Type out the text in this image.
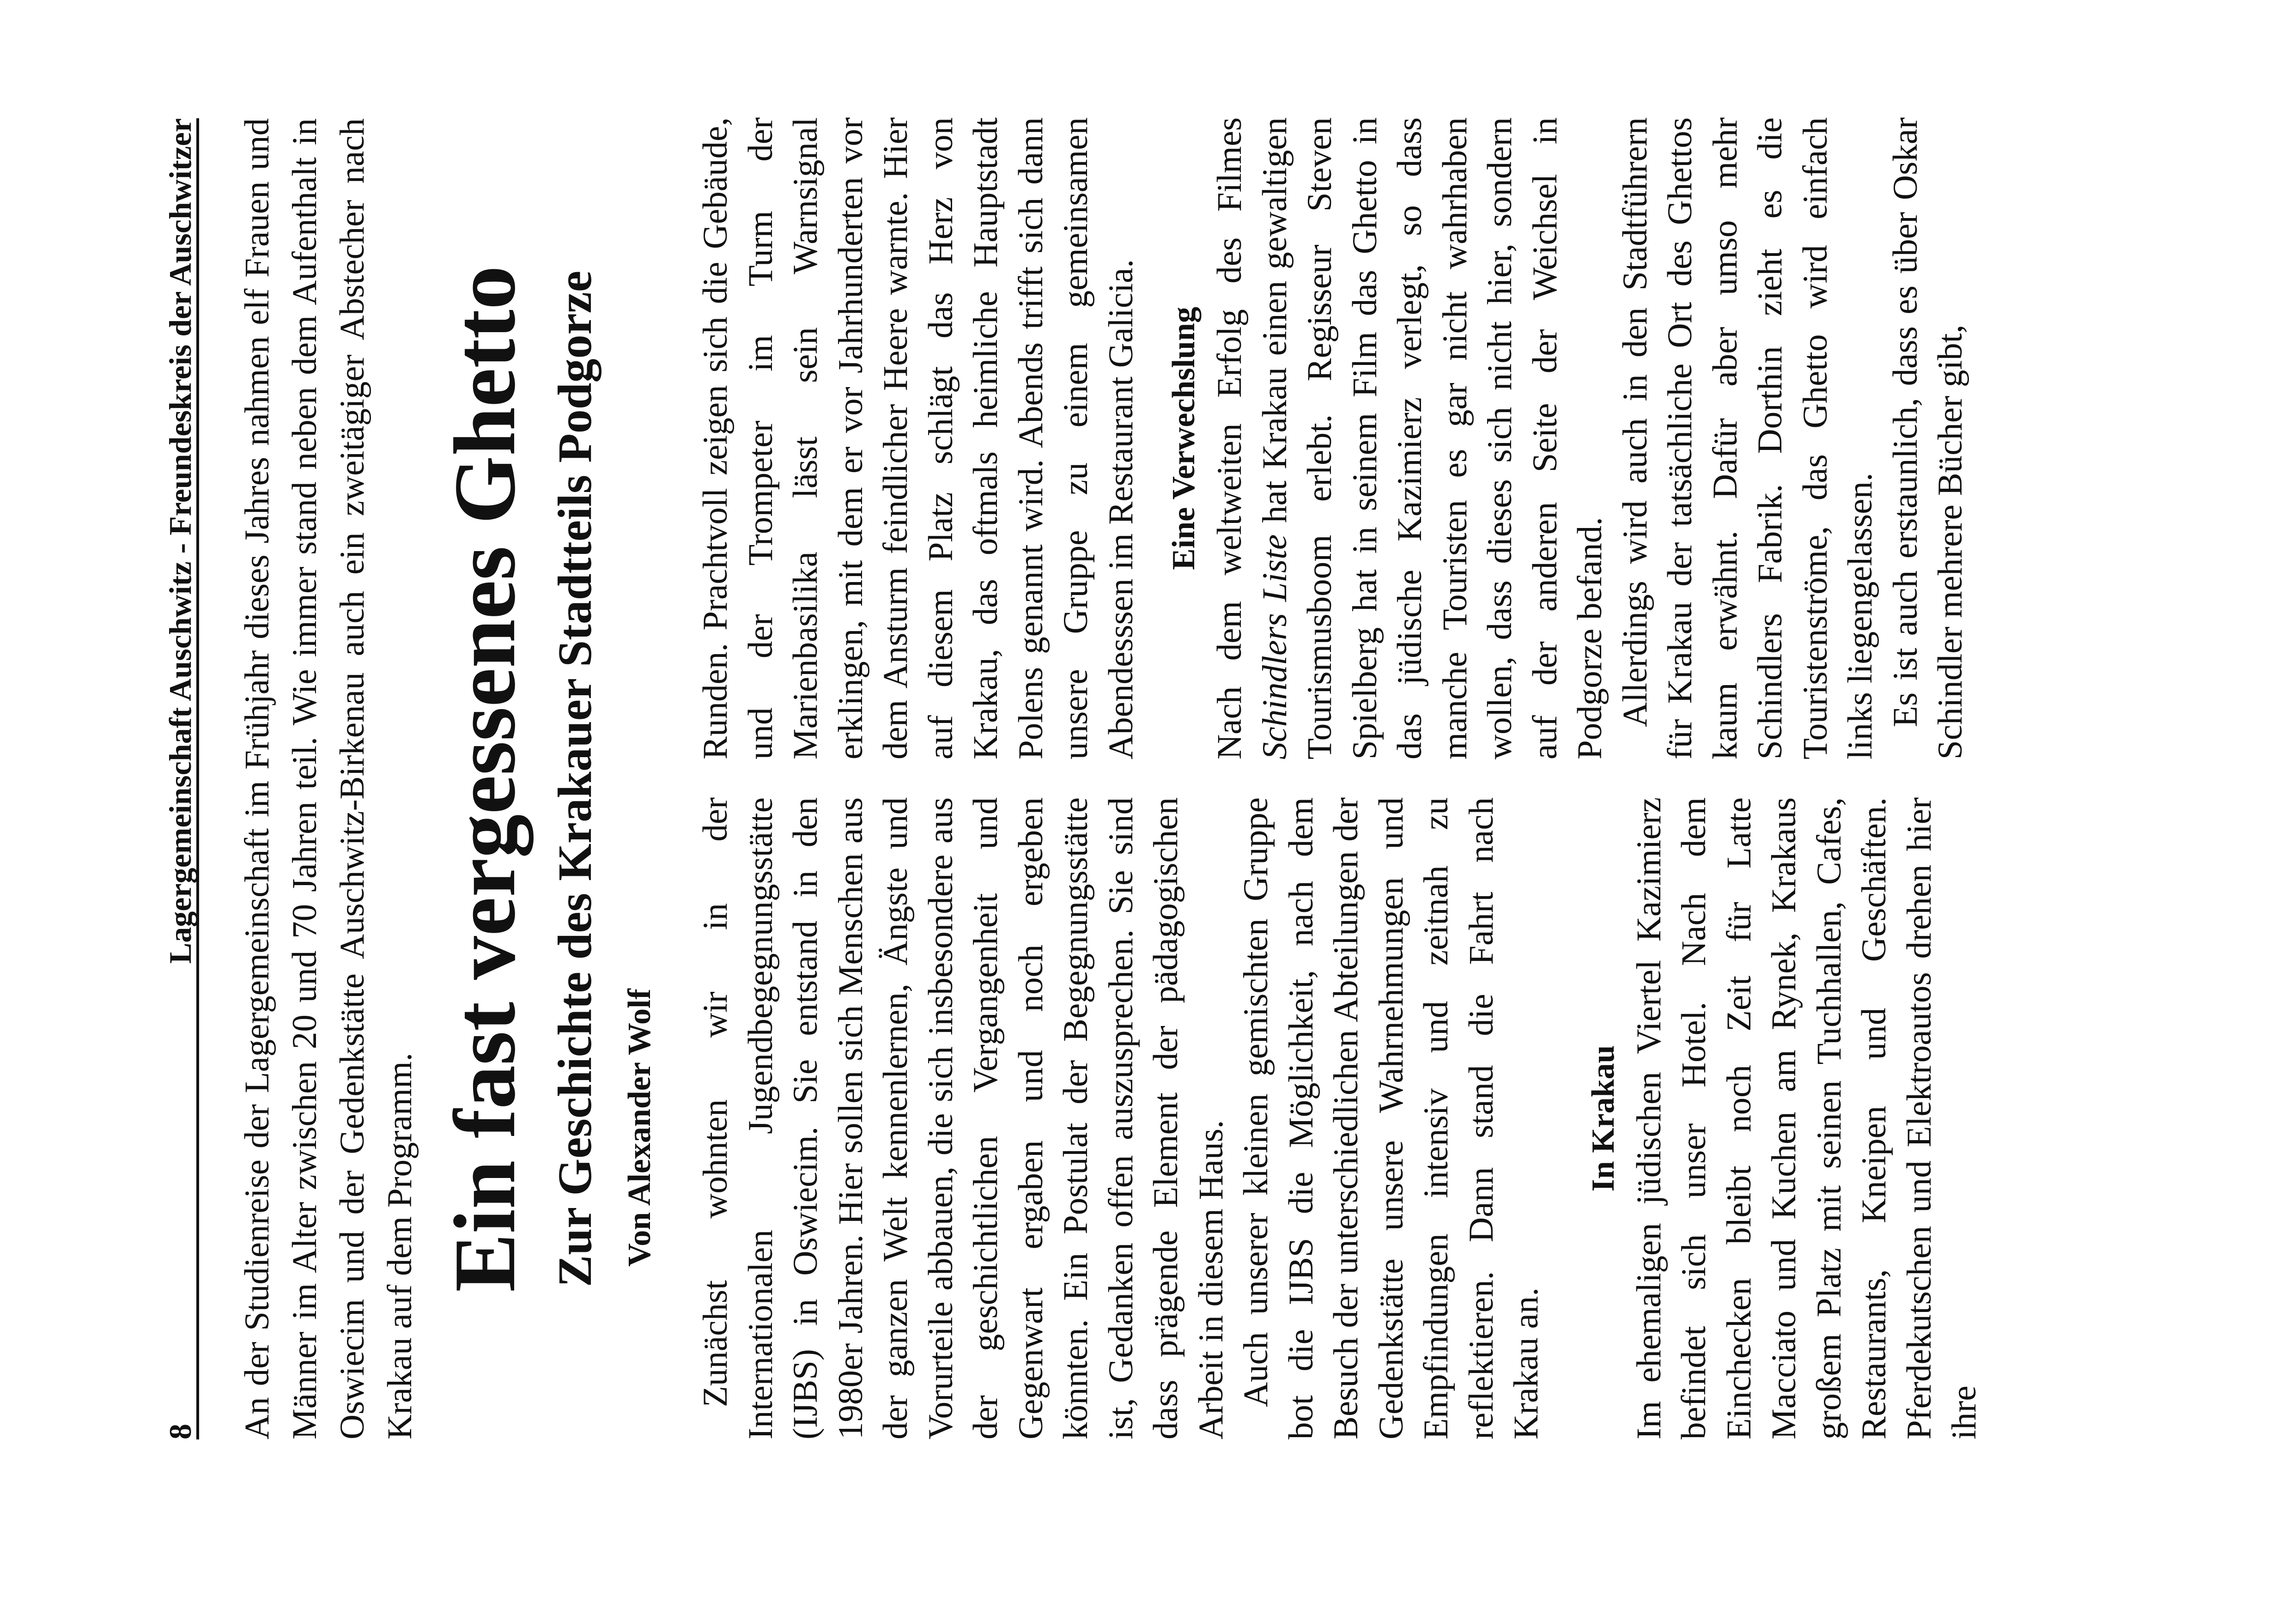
8
Lagergemeinschaft Auschwitz - Freundeskreis der Auschwitzer An der Studienreise der Lagergemeinschaft im Frühjahr dieses Jahres nahmen elf Frauen und Männer im Alter zwischen 20 und 70 Jahren teil. Wie immer stand neben dem Aufenthalt in Oswiecim und der Gedenkstätte Auschwitz-Birkenau auch ein zweitägiger Abstecher nach Krakau auf dem Programm. Ein fast vergessenes Ghetto Zur Geschichte des Krakauer Stadtteils Podgorze Von Alexander Wolf Zunächst wohnten wir in der Internationalen Jugendbegegnungsstätte (IJBS) in Oswiecim. Sie entstand in den 1980er Jahren. Hier sollen sich Menschen aus der ganzen Welt kennenlernen, Ängste und Vorurteile abbauen, die sich insbesondere aus der geschichtlichen Vergangenheit und Gegenwart ergaben und noch ergeben könnten. Ein Postulat der Begegnungsstätte ist, Gedanken offen auszusprechen. Sie sind dass prägende Element der pädagogischen Arbeit in diesem Haus. Auch unserer kleinen gemischten Gruppe bot die IJBS die Möglichkeit, nach dem Besuch der unterschiedlichen Abteilungen der Gedenkstätte unsere Wahrnehmungen und Empfindungen intensiv und zeitnah zu reflektieren. Dann stand die Fahrt nach Krakau an.

In Krakau Im ehemaligen jüdischen Viertel Kazimierz befindet sich unser Hotel. Nach dem Einchecken bleibt noch Zeit für Latte Macciato und Kuchen am Rynek, Krakaus großem Platz mit seinen Tuchhallen, Cafes, Restaurants, Kneipen und Geschäften. Pferdekutschen und Elektroautos drehen hier ihre

Runden. Prachtvoll zeigen sich die Gebäude, und der Trompeter im Turm der Marienbasilika lässt sein Warnsignal erklingen, mit dem er vor Jahrhunderten vor dem Ansturm feindlicher Heere warnte. Hier auf diesem Platz schlägt das Herz von Krakau, das oftmals heimliche Hauptstadt Polens genannt wird. Abends trifft sich dann unsere Gruppe zu einem gemeinsamen Abendesssen im Restaurant Galicia. Eine Verwechslung Nach dem weltweiten Erfolg des Filmes Schindlers Liste hat Krakau einen gewaltigen Tourismusboom erlebt. Regisseur Steven Spielberg hat in seinem Film das Ghetto in das jüdische Kazimierz verlegt, so dass manche Touristen es gar nicht wahrhaben wollen, dass dieses sich nicht hier, sondern auf der anderen Seite der Weichsel in Podgorze befand. Allerdings wird auch in den Stadtführern für Krakau der tatsächliche Ort des Ghettos kaum erwähnt. Dafür aber umso mehr Schindlers Fabrik. Dorthin zieht es die Touristenströme, das Ghetto wird einfach links liegengelassen. Es ist auch erstaunlich, dass es über Oskar Schindler mehrere Bücher gibt,
